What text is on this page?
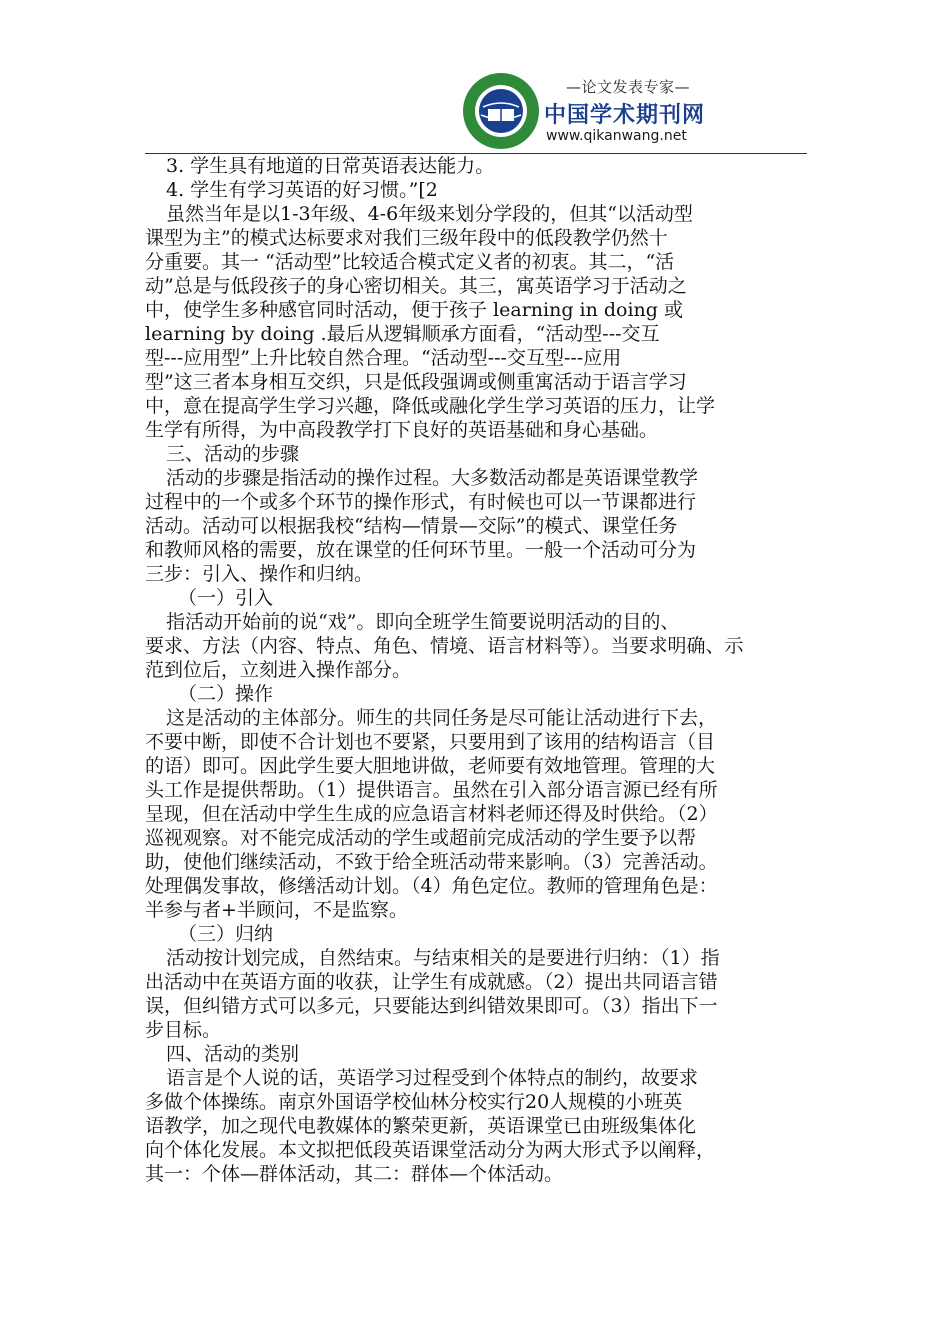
—论文发表专家—
中国学术期刊网
www.qikanwang.net

3. 学生具有地道的日常英语表达能力。

4. 学生有学习英语的好习惯。”[2

虽然当年是以1-3年级、4-6年级来划分学段的，但其“以活动型

课型为主”的模式达标要求对我们三级年段中的低段教学仍然十

分重要。其一 “活动型”比较适合模式定义者的初衷。其二，“活

动”总是与低段孩子的身心密切相关。其三，寓英语学习于活动之

中，使学生多种感官同时活动，便于孩子 learning in doing 或

learning by doing .最后从逻辑顺承方面看，“活动型---交互

型---应用型”上升比较自然合理。“活动型---交互型---应用

型”这三者本身相互交织，只是低段强调或侧重寓活动于语言学习

中，意在提高学生学习兴趣，降低或融化学生学习英语的压力，让学

生学有所得，为中高段教学打下良好的英语基础和身心基础。

三、活动的步骤

活动的步骤是指活动的操作过程。大多数活动都是英语课堂教学

过程中的一个或多个环节的操作形式，有时候也可以一节课都进行

活动。活动可以根据我校“结构—情景—交际”的模式、课堂任务

和教师风格的需要，放在课堂的任何环节里。一般一个活动可分为

三步：引入、操作和归纳。

（一）引入

指活动开始前的说“戏”。即向全班学生简要说明活动的目的、

要求、方法（内容、特点、角色、情境、语言材料等）。当要求明确、示

范到位后，立刻进入操作部分。

（二）操作

这是活动的主体部分。师生的共同任务是尽可能让活动进行下去，

不要中断，即使不合计划也不要紧，只要用到了该用的结构语言（目

的语）即可。因此学生要大胆地讲做，老师要有效地管理。管理的大

头工作是提供帮助。（1）提供语言。虽然在引入部分语言源已经有所

呈现，但在活动中学生生成的应急语言材料老师还得及时供给。（2）

巡视观察。对不能完成活动的学生或超前完成活动的学生要予以帮

助，使他们继续活动，不致于给全班活动带来影响。（3）完善活动。

处理偶发事故，修缮活动计划。（4）角色定位。教师的管理角色是：

半参与者+半顾问，不是监察。

（三）归纳

活动按计划完成，自然结束。与结束相关的是要进行归纳：（1）指

出活动中在英语方面的收获，让学生有成就感。（2）提出共同语言错

误，但纠错方式可以多元，只要能达到纠错效果即可。（3）指出下一

步目标。

四、活动的类别

语言是个人说的话，英语学习过程受到个体特点的制约，故要求

多做个体操练。南京外国语学校仙林分校实行20人规模的小班英

语教学，加之现代电教媒体的繁荣更新，英语课堂已由班级集体化

向个体化发展。本文拟把低段英语课堂活动分为两大形式予以阐释，

其一：个体—群体活动，其二：群体—个体活动。
